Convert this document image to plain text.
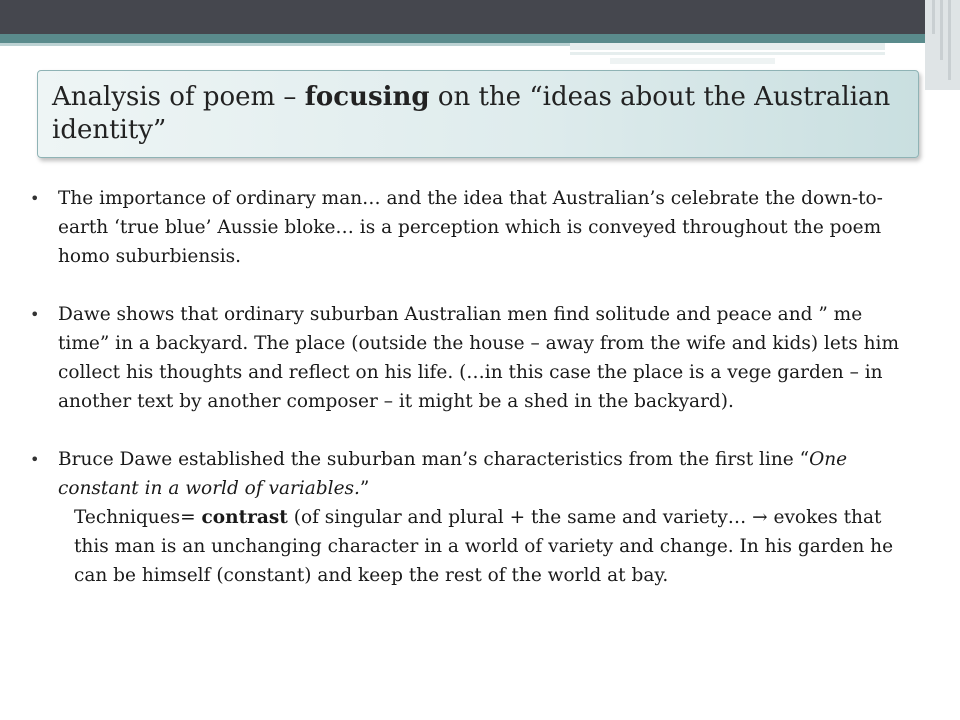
Analysis of poem – focusing on the “ideas about the Australian identity”
• The importance of ordinary man… and the idea that Australian’s celebrate the down-to-earth ‘true blue’ Aussie bloke… is a perception which is conveyed throughout the poem homo suburbiensis.
• Dawe shows that ordinary suburban Australian men find solitude and peace and ” me time” in a backyard. The place (outside the house – away from the wife and kids) lets him collect his thoughts and reflect on his life. (…in this case the place is a vege garden – in another text by another composer – it might be a shed in the backyard).
• Bruce Dawe established the suburban man’s characteristics from the first line “One constant in a world of variables.”
Techniques= contrast (of singular and plural + the same and variety… → evokes that this man is an unchanging character in a world of variety and change. In his garden he can be himself (constant) and keep the rest of the world at bay.
